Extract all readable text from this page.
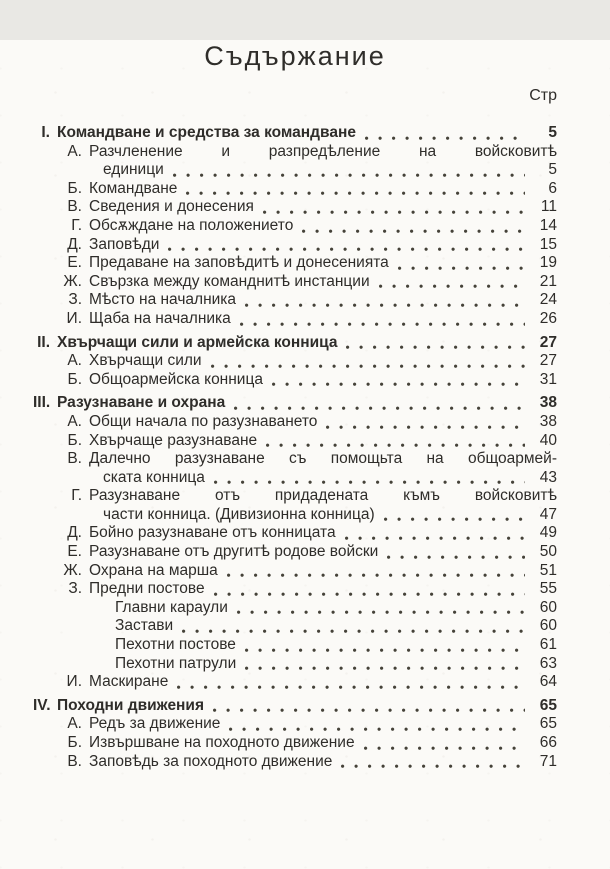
Съдържание
Стр
I. Командване и средства за командване	5
А. Разчленение и разпредѣление на войсковитѣ
единици	5
Б. Командване	6
В. Сведения и донесения	11
Г. Обсѫждане на положението	14
Д. Заповѣди	15
Е. Предаване на заповѣдитѣ и донесенията	19
Ж. Свързка между команднитѣ инстанции	21
З. Мѣсто на началника	24
И. Щаба на началника	26
II. Хвърчащи сили и армейска конница	27
А. Хвърчащи сили	27
Б. Общоармейска конница	31
III. Разузнаване и охрана	38
А. Общи начала по разузнаването	38
Б. Хвърчаще разузнаване	40
В. Далечно разузнаване съ помощьта на общоармей-
ската конница	43
Г. Разузнаване отъ придадената къмъ войсковитѣ
части конница. (Дивизионна конница)	47
Д. Бойно разузнаване отъ конницата	49
Е. Разузнаване отъ другитѣ родове войски	50
Ж. Охрана на марша	51
З. Предни постове	55
Главни караули	60
Застави	60
Пехотни постове	61
Пехотни патрули	63
И. Маскиране	64
IV. Походни движения	65
А. Редъ за движение	65
Б. Извършване на походното движение	66
В. Заповѣдь за походното движение	71
